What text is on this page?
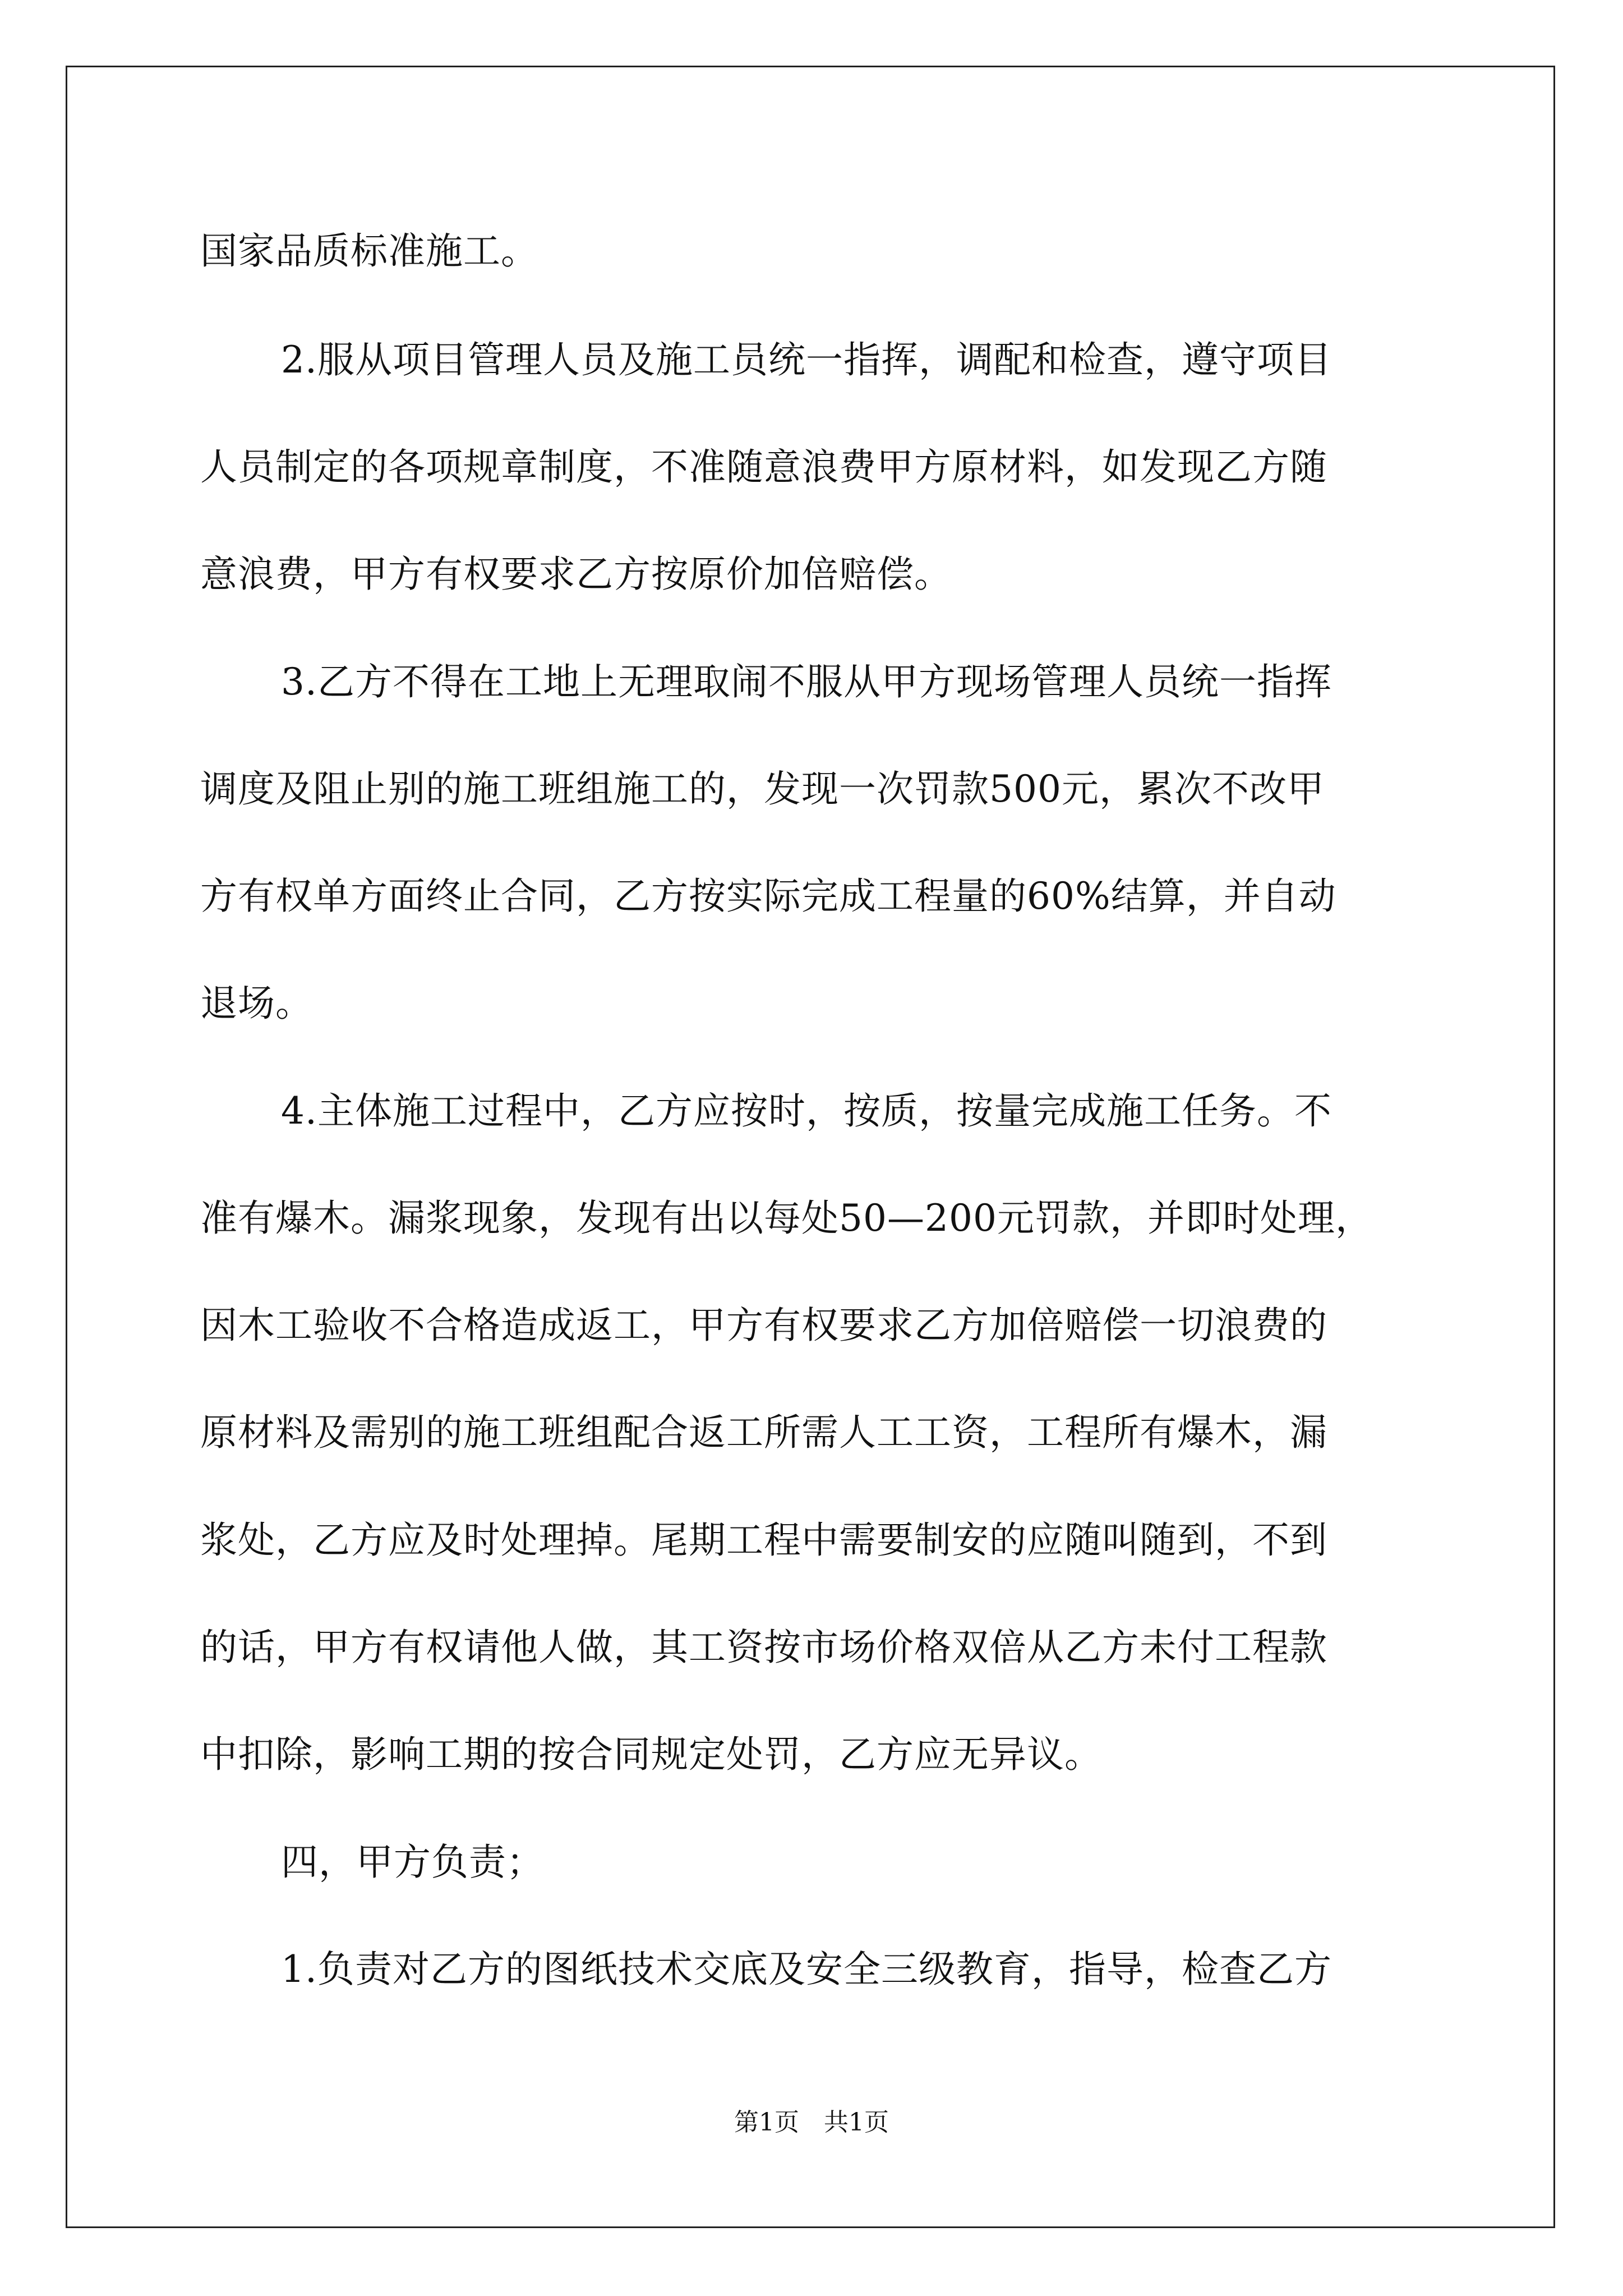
国家品质标准施工。
2.服从项目管理人员及施工员统一指挥，调配和检查，遵守项目
人员制定的各项规章制度，不准随意浪费甲方原材料，如发现乙方随
意浪费，甲方有权要求乙方按原价加倍赔偿。
3.乙方不得在工地上无理取闹不服从甲方现场管理人员统一指挥
调度及阻止别的施工班组施工的，发现一次罚款500元，累次不改甲
方有权单方面终止合同，乙方按实际完成工程量的60%结算，并自动
退场。
4.主体施工过程中，乙方应按时，按质，按量完成施工任务。不
准有爆木。漏浆现象，发现有出以每处50—200元罚款，并即时处理，
因木工验收不合格造成返工，甲方有权要求乙方加倍赔偿一切浪费的
原材料及需别的施工班组配合返工所需人工工资，工程所有爆木，漏
浆处，乙方应及时处理掉。尾期工程中需要制安的应随叫随到，不到
的话，甲方有权请他人做，其工资按市场价格双倍从乙方未付工程款
中扣除，影响工期的按合同规定处罚，乙方应无异议。
四，甲方负责；
1.负责对乙方的图纸技术交底及安全三级教育，指导，检查乙方
第1页　共1页
